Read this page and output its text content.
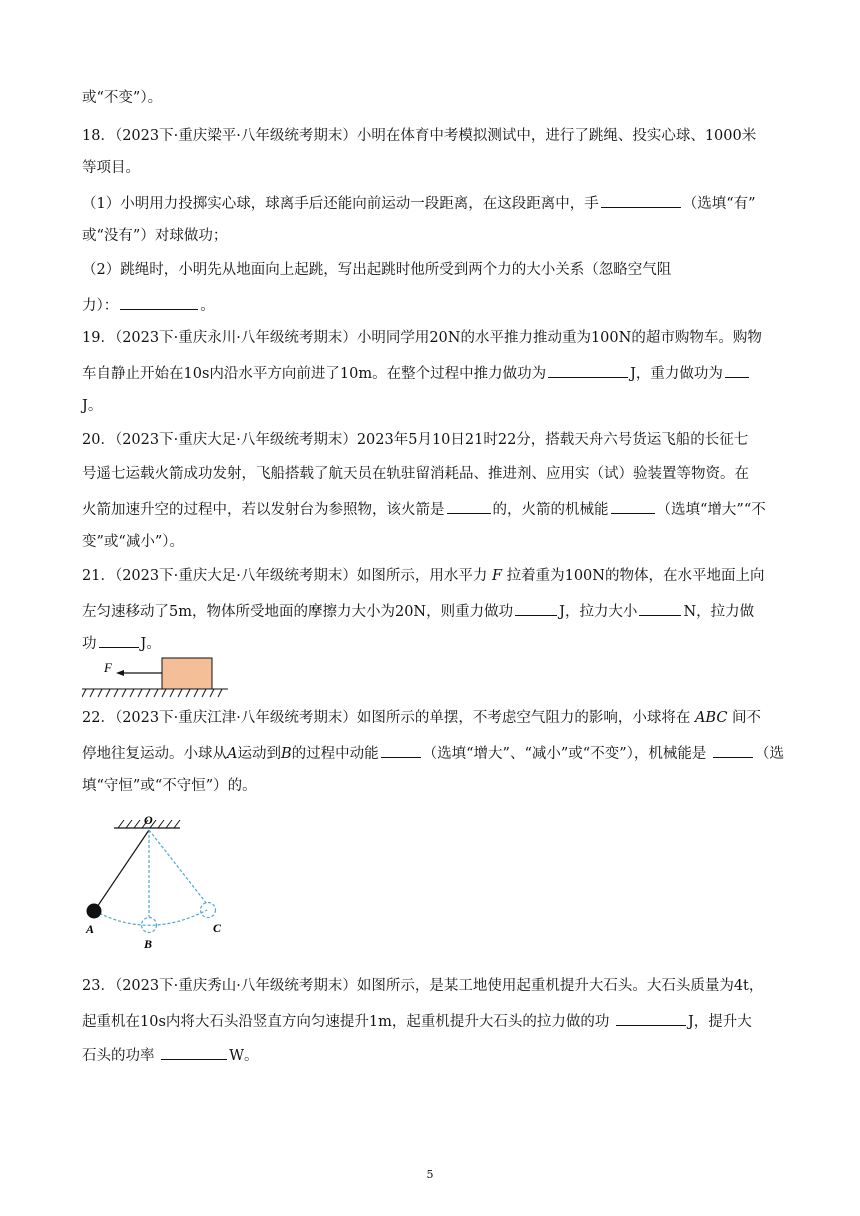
或“不变”）。
18．（2023下·重庆梁平·八年级统考期末）小明在体育中考模拟测试中，进行了跳绳、投实心球、1000米
等项目。
（1）小明用力投掷实心球，球离手后还能向前运动一段距离，在这段距离中，手	（选填“有”
或“没有”）对球做功；
（2）跳绳时，小明先从地面向上起跳，写出起跳时他所受到两个力的大小关系（忽略空气阻
力）：	。
19．（2023下·重庆永川·八年级统考期末）小明同学用20N的水平推力推动重为100N的超市购物车。购物
车自静止开始在10s内沿水平方向前进了10m。在整个过程中推力做功为	J，重力做功为
J。
20．（2023下·重庆大足·八年级统考期末）2023年5月10日21时22分，搭载天舟六号货运飞船的长征七
号遥七运载火箭成功发射，飞船搭载了航天员在轨驻留消耗品、推进剂、应用实（试）验装置等物资。在
火箭加速升空的过程中，若以发射台为参照物，该火箭是	的，火箭的机械能	（选填“增大”“不
变”或“减小”）。
21．（2023下·重庆大足·八年级统考期末）如图所示，用水平力 F 拉着重为100N的物体，在水平地面上向
左匀速移动了5m，物体所受地面的摩擦力大小为20N，则重力做功	J，拉力大小	N，拉力做
功	J。
F
22．（2023下·重庆江津·八年级统考期末）如图所示的单摆，不考虑空气阻力的影响，小球将在 ABC 间不
停地往复运动。小球从A运动到B的过程中动能	（选填“增大”、“减小”或“不变”），机械能是	（选
填“守恒”或“不守恒”）的。
O
A
B
C
23．（2023下·重庆秀山·八年级统考期末）如图所示，是某工地使用起重机提升大石头。大石头质量为4t，
起重机在10s内将大石头沿竖直方向匀速提升1m，起重机提升大石头的拉力做的功	J，提升大
石头的功率	W。
5
